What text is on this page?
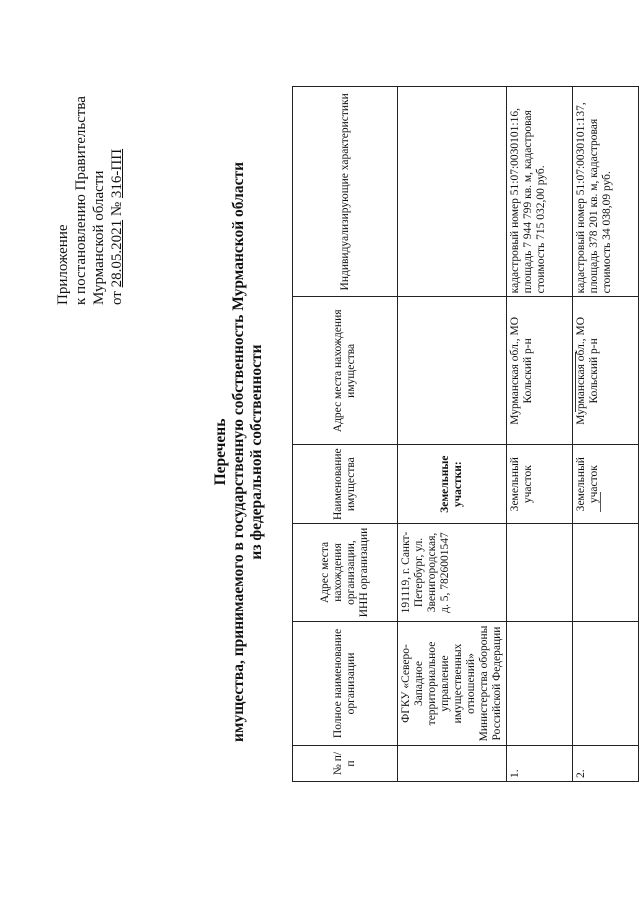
Приложение к постановлению Правительства Мурманской области от 28.05.2021 № 316-ПП
Перечень имущества, принимаемого в государственную собственность Мурманской области из федеральной собственности
№ п/п	Полное наименование организации	Адрес места нахождения организации, ИНН организации	Наименование имущества	Адрес места нахождения имущества	Индивидуализирующие характеристики
	ФГКУ «Северо-Западное территориальное управление имущественных отношений» Министерства обороны Российской Федерации	191119, г. Санкт-Петербург, ул. Звенигородская, д. 5, 7826001547	Земельные участки:		
1.			Земельный участок	Мурманская обл., МО Кольский р-н	кадастровый номер 51:07:0030101:16, площадь 7 944 799 кв. м, кадастровая стоимость 715 032,00 руб.
2.			Земельный участок	Мурманская обл., МО Кольский р-н	кадастровый номер 51:07:0030101:137, площадь 378 201 кв. м, кадастровая стоимость 34 038,09 руб.
